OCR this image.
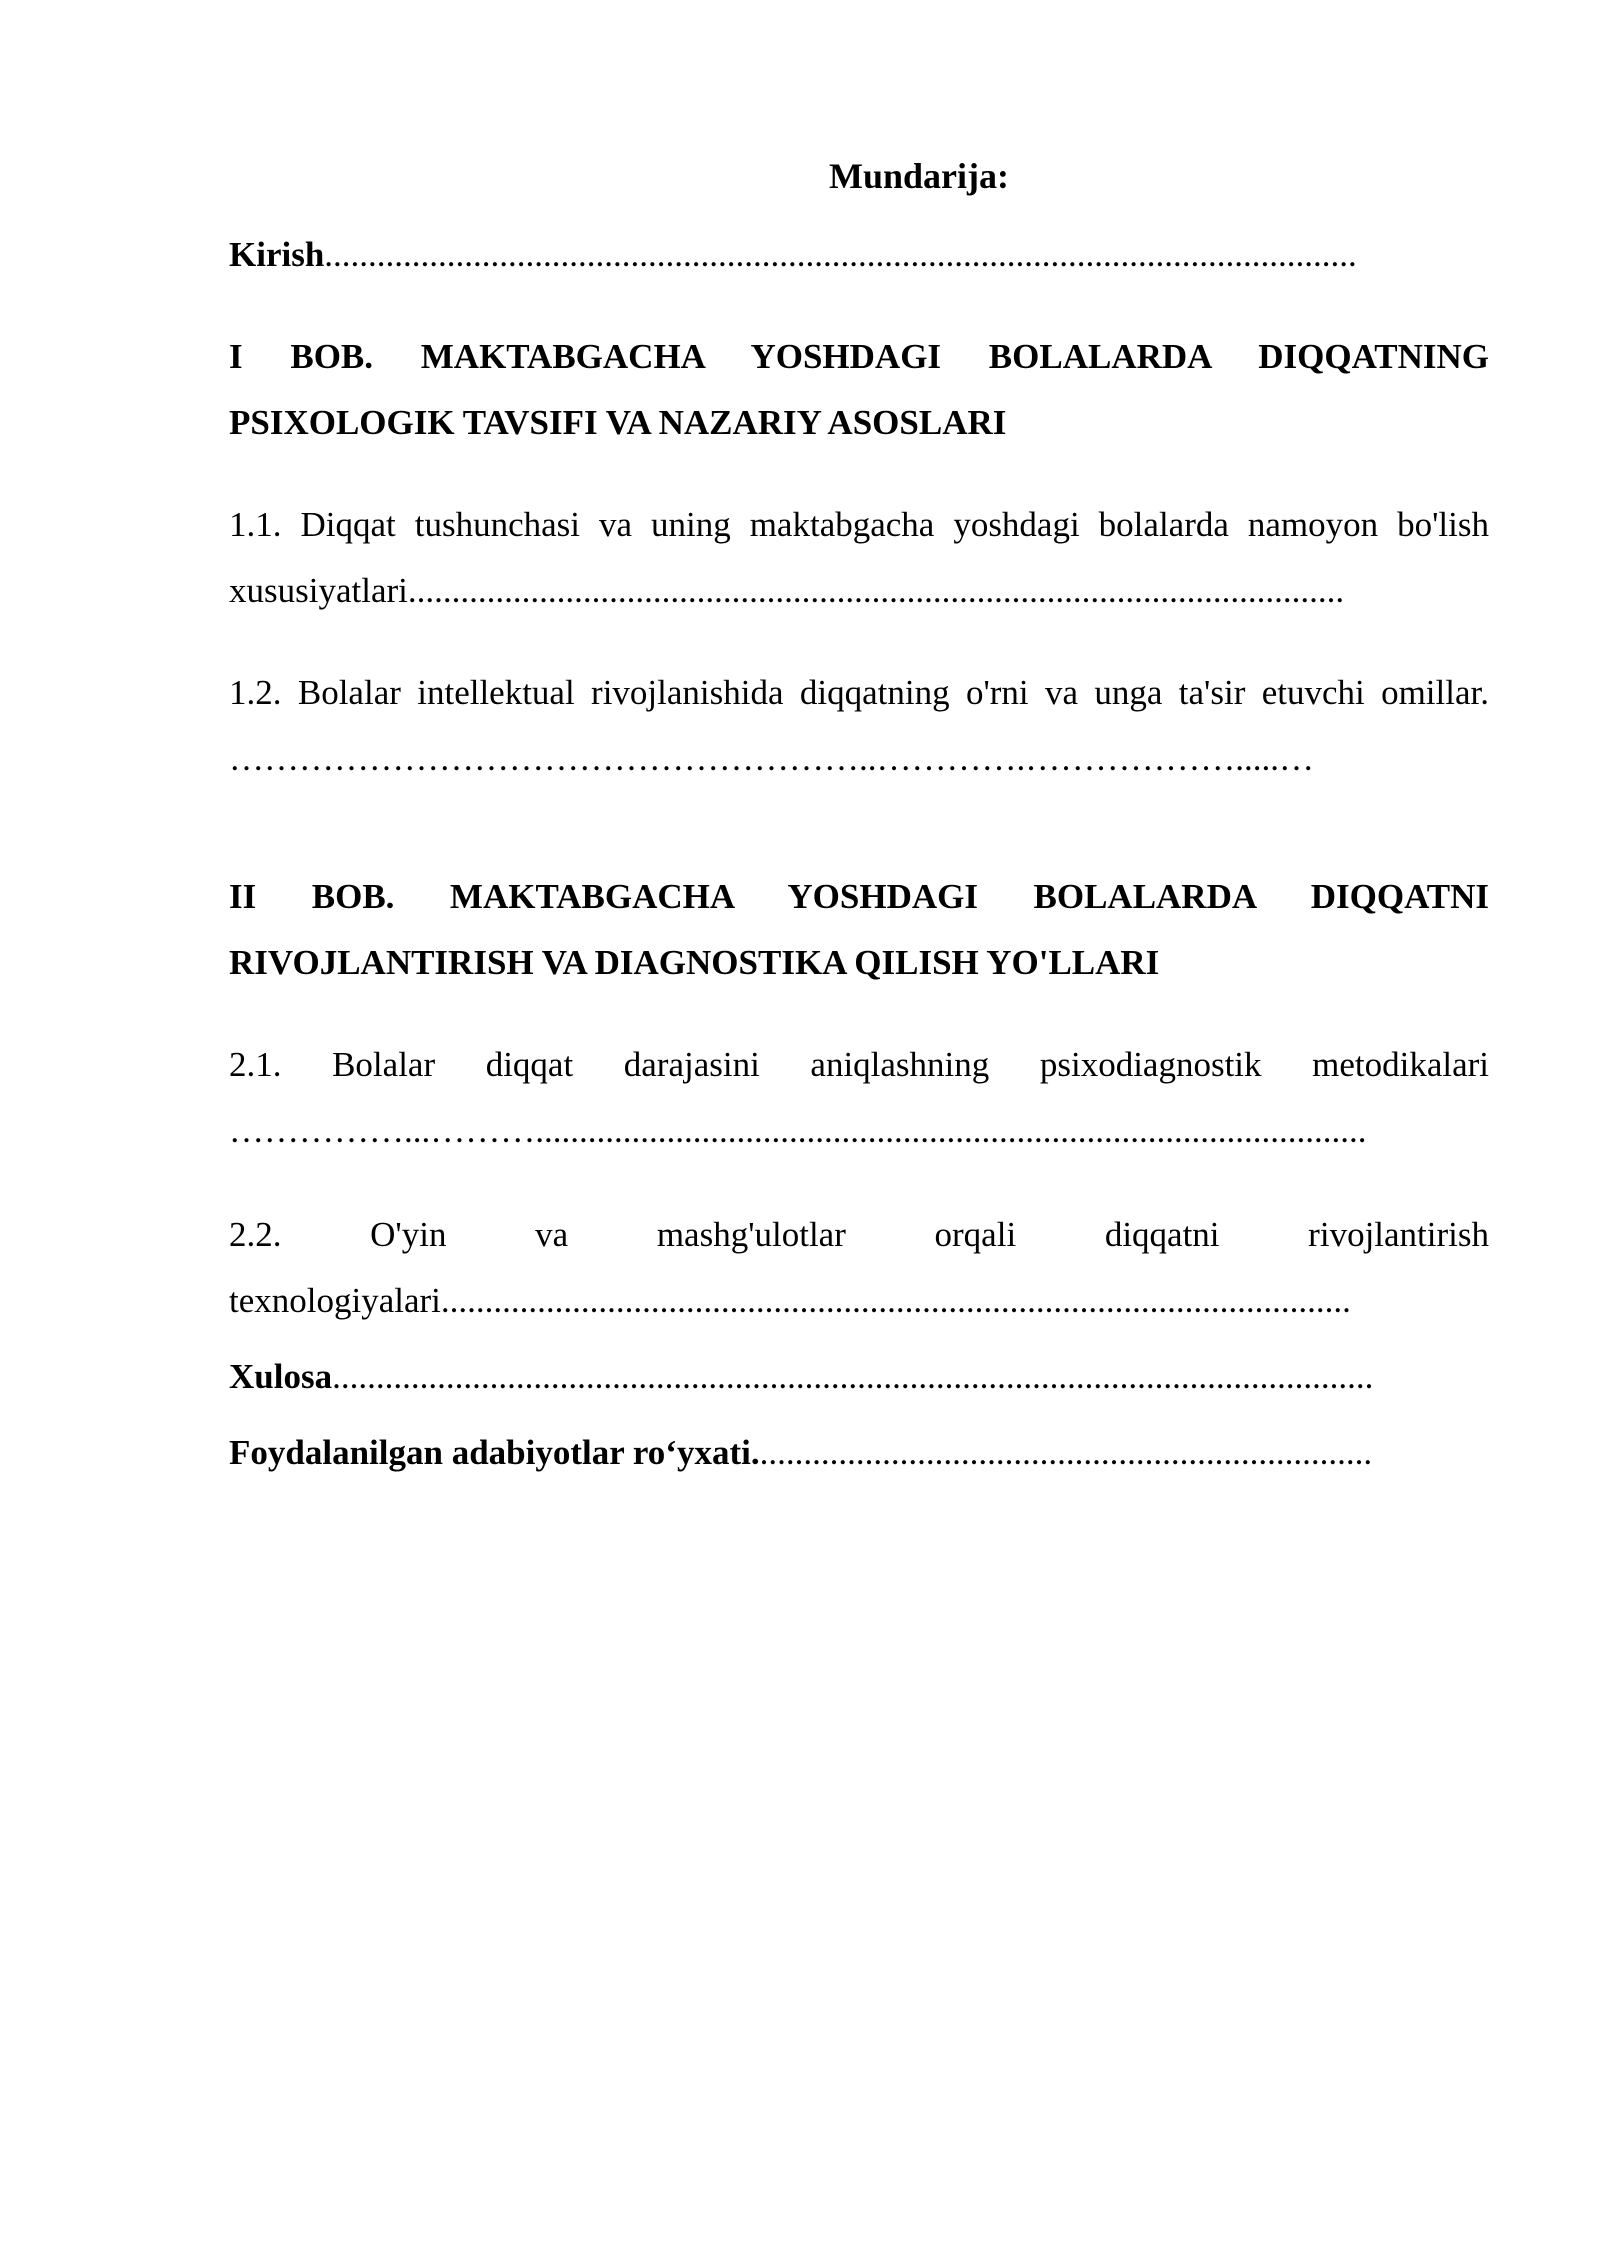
Mundarija:

Kirish......................................................................................................................

I BOB. MAKTABGACHA YOSHDAGI BOLALARDA DIQQATNING
PSIXOLOGIK TAVSIFI VA NAZARIY ASOSLARI
1.1. Diqqat tushunchasi va uning maktabgacha yoshdagi bolalarda namoyon bo'lish
xususiyatlari...........................................................................................................
1.2. Bolalar intellektual rivojlanishida diqqatning o'rni va unga ta'sir etuvchi omillar.
………………………………………………..………….……………….....…
II BOB. MAKTABGACHA YOSHDAGI BOLALARDA DIQQATNI
RIVOJLANTIRISH VA DIAGNOSTIKA QILISH YO'LLARI
2.1. Bolalar diqqat darajasini aniqlashning psixodiagnostik metodikalari
……………...………...............................................................................................
2.2. O'yin va mashg'ulotlar orqali diqqatni rivojlantirish
texnologiyalari........................................................................................................

Xulosa.......................................................................................................................

Foydalanilgan adabiyotlar ro‘yxati.......................................................................
